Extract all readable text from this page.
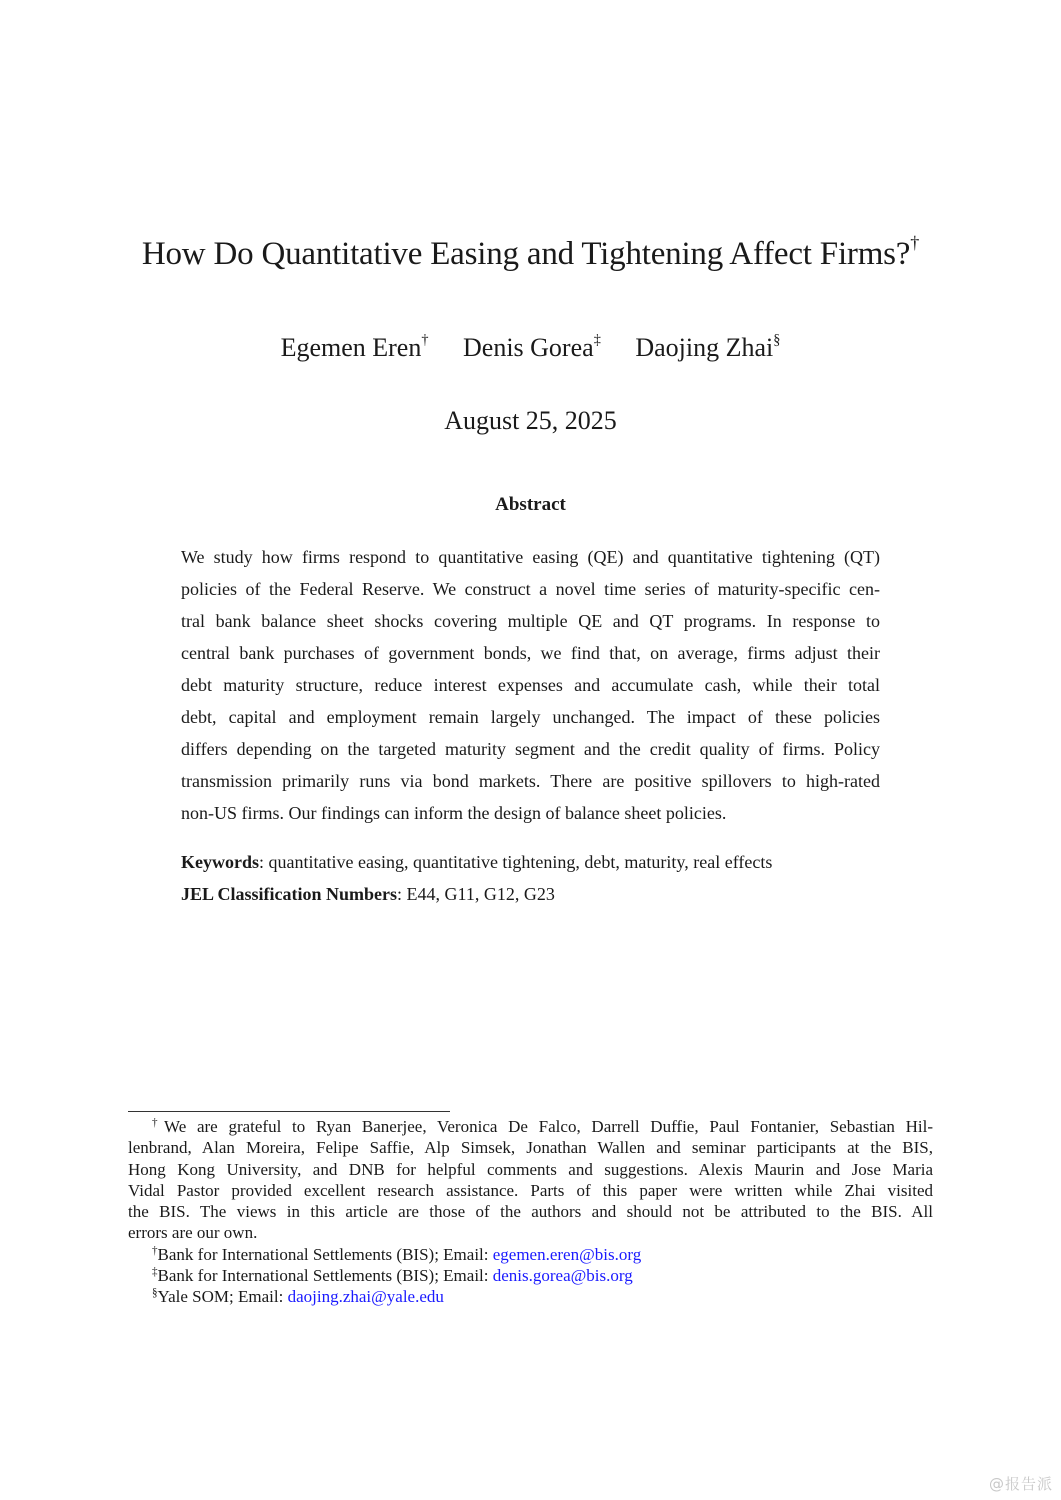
How Do Quantitative Easing and Tightening Affect Firms?†
Egemen Eren† Denis Gorea‡ Daojing Zhai§
August 25, 2025
Abstract
We study how firms respond to quantitative easing (QE) and quantitative tightening (QT)
policies of the Federal Reserve. We construct a novel time series of maturity-specific cen-
tral bank balance sheet shocks covering multiple QE and QT programs. In response to
central bank purchases of government bonds, we find that, on average, firms adjust their
debt maturity structure, reduce interest expenses and accumulate cash, while their total
debt, capital and employment remain largely unchanged. The impact of these policies
differs depending on the targeted maturity segment and the credit quality of firms. Policy
transmission primarily runs via bond markets. There are positive spillovers to high-rated
non-US firms. Our findings can inform the design of balance sheet policies.
Keywords: quantitative easing, quantitative tightening, debt, maturity, real effects
JEL Classification Numbers: E44, G11, G12, G23
†We are grateful to Ryan Banerjee, Veronica De Falco, Darrell Duffie, Paul Fontanier, Sebastian Hil-
lenbrand, Alan Moreira, Felipe Saffie, Alp Simsek, Jonathan Wallen and seminar participants at the BIS,
Hong Kong University, and DNB for helpful comments and suggestions. Alexis Maurin and Jose Maria
Vidal Pastor provided excellent research assistance. Parts of this paper were written while Zhai visited
the BIS. The views in this article are those of the authors and should not be attributed to the BIS. All
errors are our own.
†Bank for International Settlements (BIS); Email: egemen.eren@bis.org
‡Bank for International Settlements (BIS); Email: denis.gorea@bis.org
§Yale SOM; Email: daojing.zhai@yale.edu
@报告派
